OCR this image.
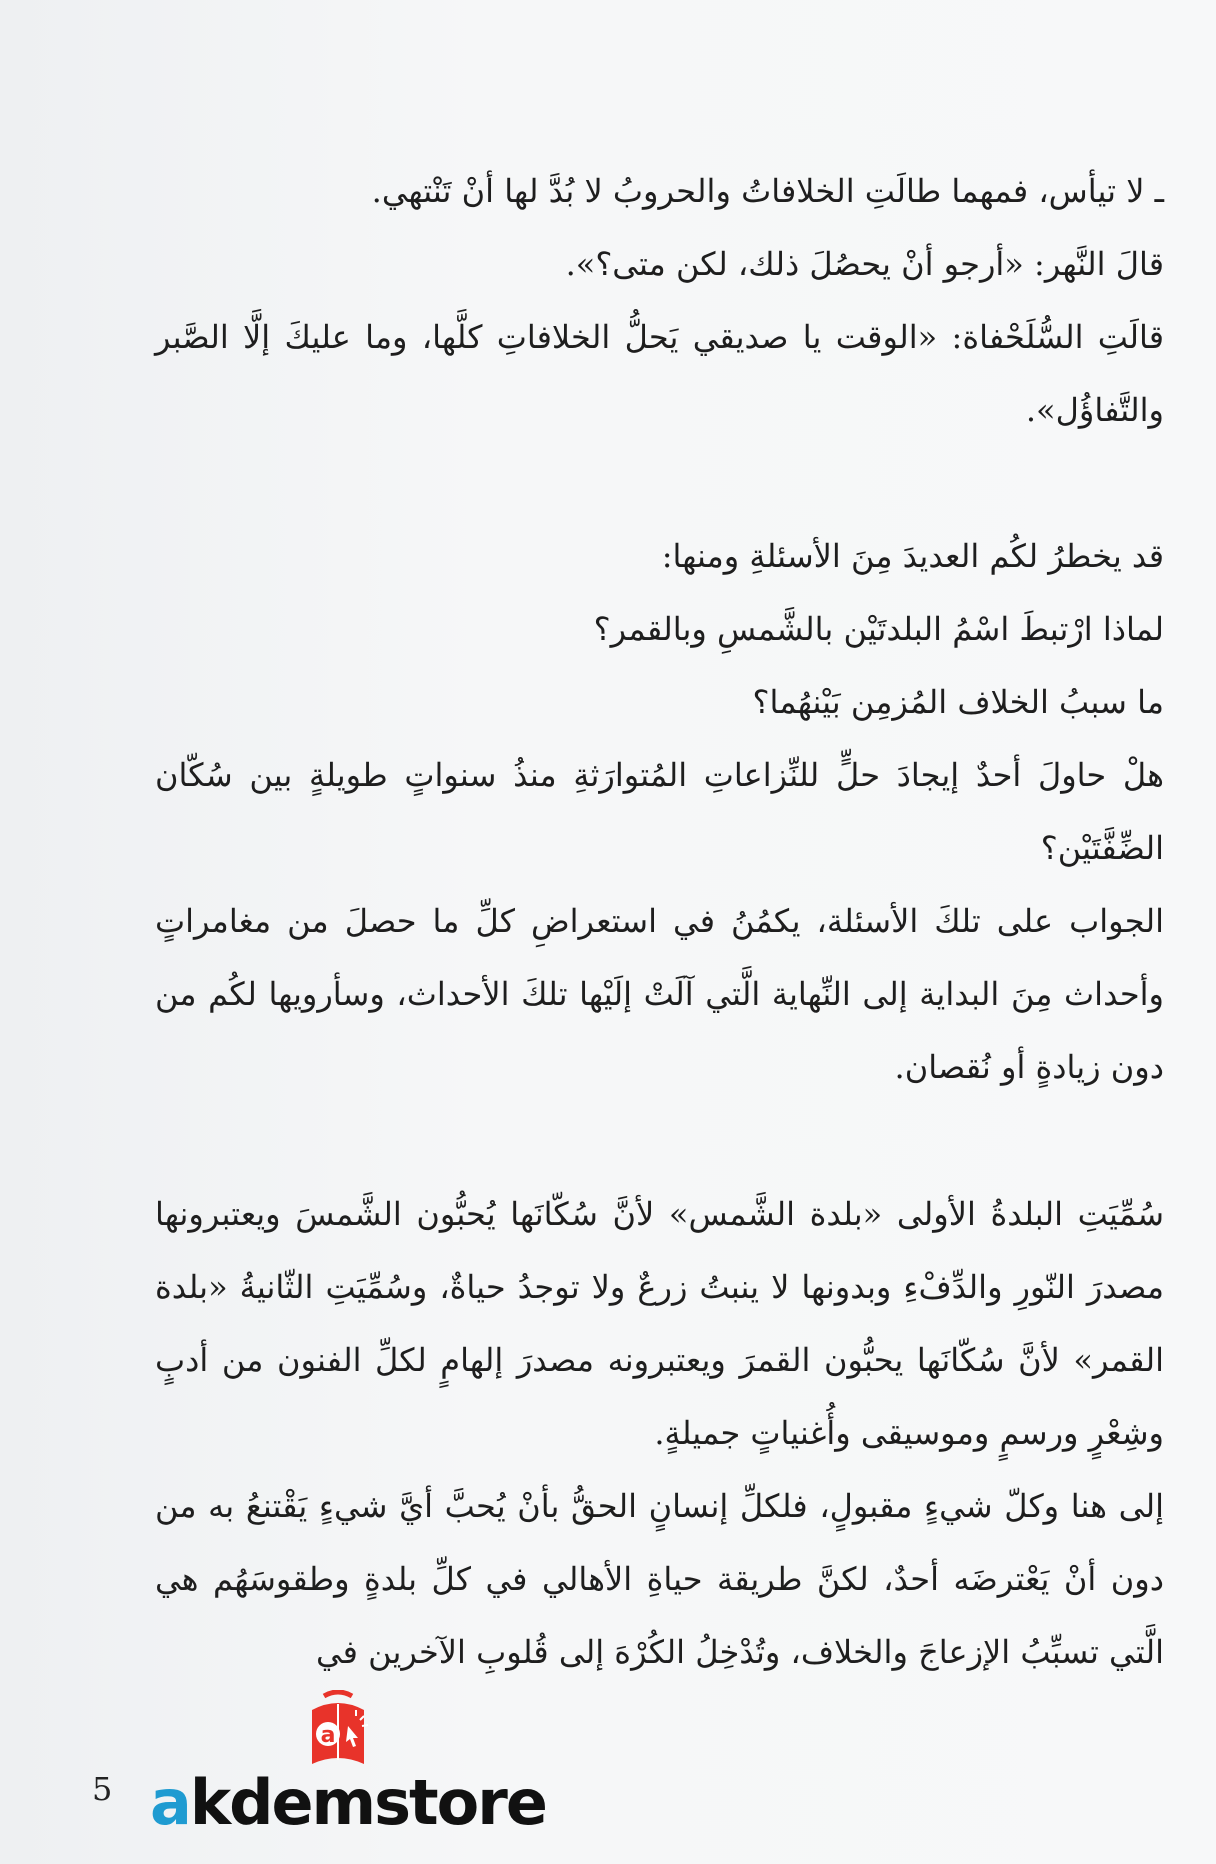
ـ لا تيأس، فمهما طالَتِ الخلافاتُ والحروبُ لا بُدَّ لها أنْ تَنْتهي.

قالَ النَّهر: «أرجو أنْ يحصُلَ ذلك، لكن متى؟».

قالَتِ السُّلَحْفاة: «الوقت يا صديقي يَحلُّ الخلافاتِ كلَّها، وما عليكَ إلَّا الصَّبر والتَّفاؤُل».

قد يخطرُ لكُم العديدَ مِنَ الأسئلةِ ومنها:

لماذا ارْتبطَ اسْمُ البلدتَيْن بالشَّمسِ وبالقمر؟

ما سببُ الخلاف المُزمِن بَيْنهُما؟

هلْ حاولَ أحدٌ إيجادَ حلٍّ للنِّزاعاتِ المُتوارَثةِ منذُ سنواتٍ طويلةٍ بين سُكّان الضِّفَّتَيْن؟

الجواب على تلكَ الأسئلة، يكمُنُ في استعراضِ كلِّ ما حصلَ من مغامراتٍ وأحداث مِنَ البداية إلى النِّهاية الَّتي آلَتْ إلَيْها تلكَ الأحداث، وسأرويها لكُم من دون زيادةٍ أو نُقصان.

سُمِّيَتِ البلدةُ الأولى «بلدة الشَّمس» لأنَّ سُكّانَها يُحبُّون الشَّمسَ ويعتبرونها مصدرَ النّورِ والدِّفْءِ وبدونها لا ينبتُ زرعٌ ولا توجدُ حياةٌ، وسُمِّيَتِ الثّانيةُ «بلدة القمر» لأنَّ سُكّانَها يحبُّون القمرَ ويعتبرونه مصدرَ إلهامٍ لكلِّ الفنون من أدبٍ وشِعْرٍ ورسمٍ وموسيقى وأُغنياتٍ جميلةٍ.

إلى هنا وكلّ شيءٍ مقبولٍ، فلكلِّ إنسانٍ الحقُّ بأنْ يُحبَّ أيَّ شيءٍ يَقْتنعُ به من دون أنْ يَعْترضَه أحدٌ، لكنَّ طريقة حياةِ الأهالي في كلِّ بلدةٍ وطقوسَهُم هي الَّتي تسبِّبُ الإزعاجَ والخلاف، وتُدْخِلُ الكُرْهَ إلى قُلوبِ الآخرين في

5
a
akdemstore
